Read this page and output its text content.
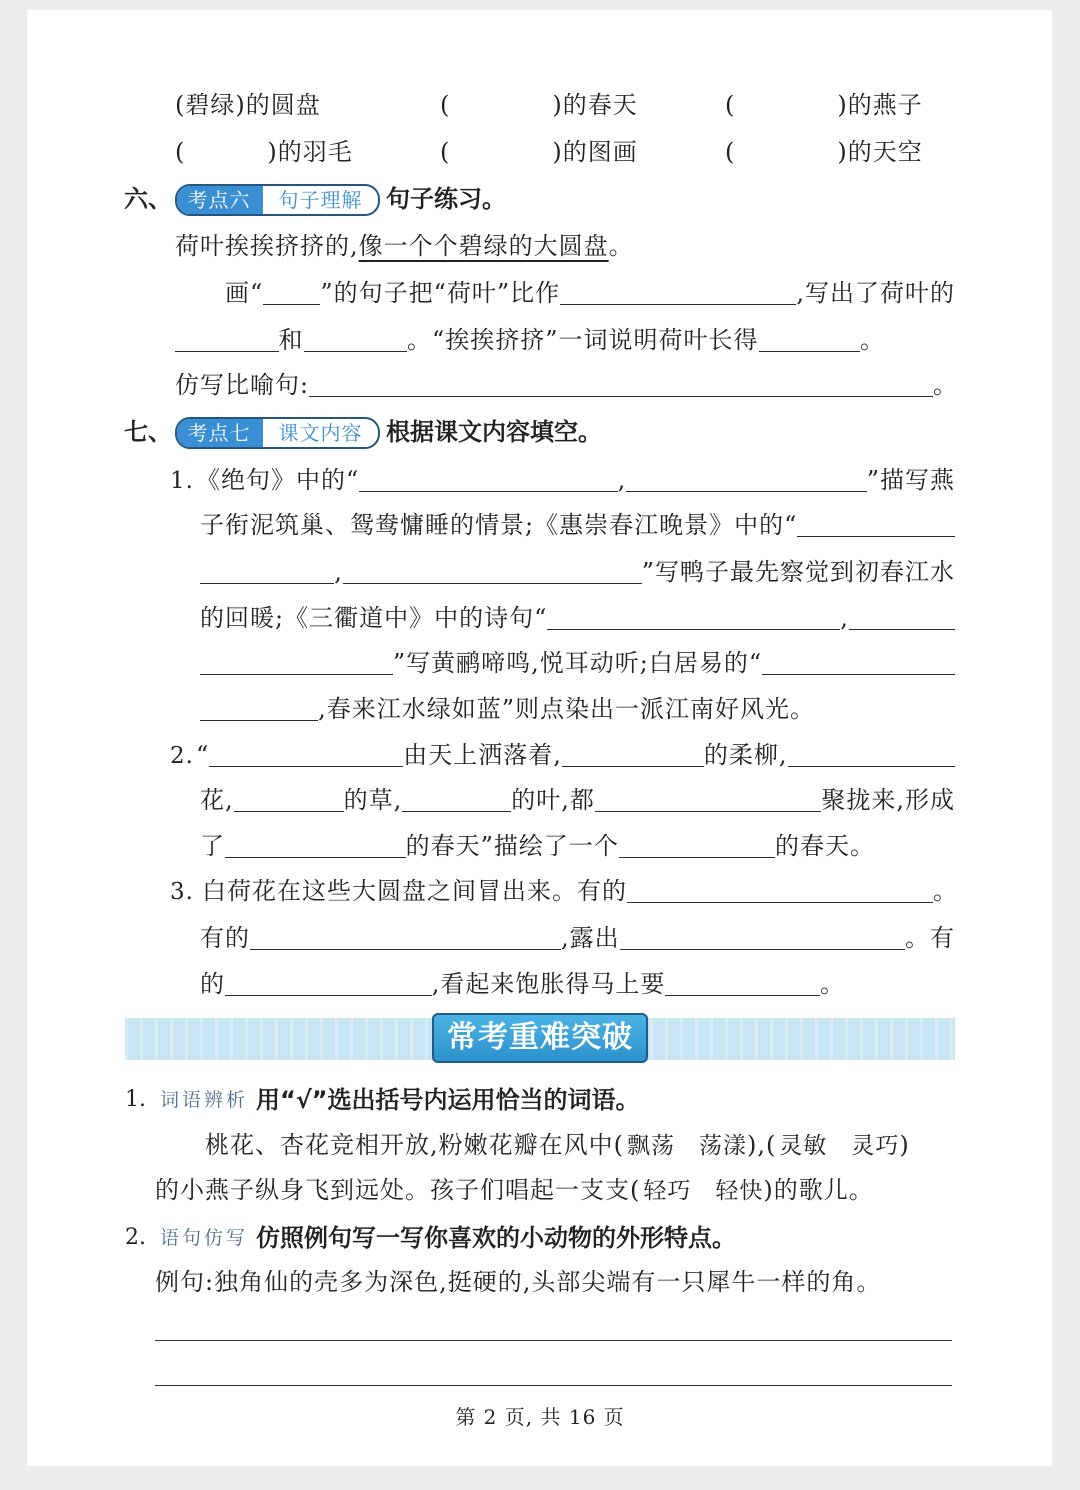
( 碧绿 )的圆盘	(	)的春天	(	)的燕子
(	)的羽毛	(	)的图画	(	)的天空
六、 考点六	句子理解 句子练习。
荷叶挨挨挤挤的, 像一个个碧绿的大圆盘 。
画“ ”的句子把“荷叶”比作	,写出了荷叶的
和	。“挨挨挤挤”一词说明荷叶长得	。
仿写比喻句:	。
七、 考点七	课文内容 根据课文内容填空。
1. 《绝句》中的“	,	”描写燕
子衔泥筑巢、鸳鸯慵睡的情景;《惠崇春江晚景》中的“
,	”写鸭子最先察觉到初春江水
的回暖;《三衢道中》中的诗句“	,
”写黄鹂啼鸣,悦耳动听;白居易的“
,春来江水绿如蓝”则点染出一派江南好风光。
2. “	由天上洒落着,	的柔柳,
花,	的草,	的叶,都	聚拢来,形成
了	的春天”描绘了一个	的春天。
3. 白荷花在这些大圆盘之间冒出来。有的	。
有的	,露出	。有
的	,看起来饱胀得马上要	。
常考重难突破
1. 词语辨析 用“√”选出括号内运用恰当的词语。
桃花、杏花竞相开放,粉嫩花瓣在风中( 飘荡 荡漾 ),( 灵敏 灵巧 )
的小燕子纵身飞到远处。孩子们唱起一支支( 轻巧 轻快 )的歌儿。
2. 语句仿写 仿照例句写一写你喜欢的小动物的外形特点。
例句:独角仙的壳多为深色,挺硬的,头部尖端有一只犀牛一样的角。
第 2 页, 共 16 页
